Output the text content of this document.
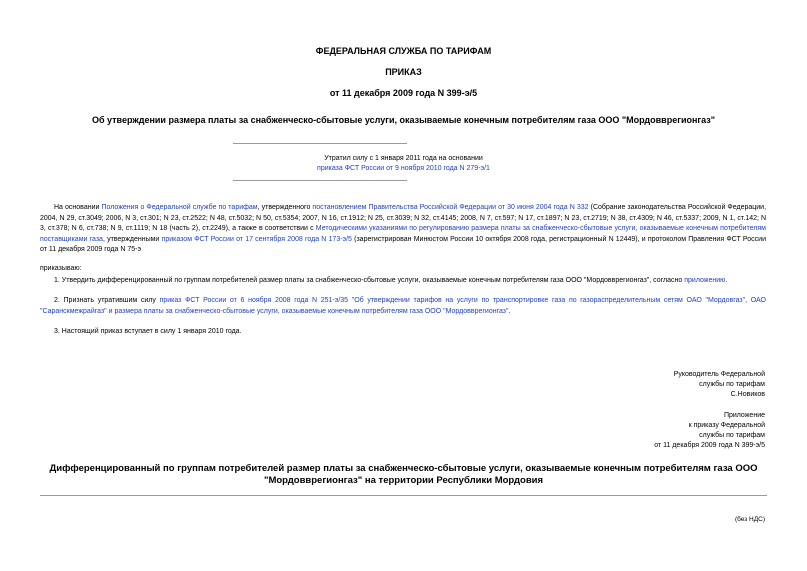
ФЕДЕРАЛЬНАЯ СЛУЖБА ПО ТАРИФАМ
ПРИКАЗ
от 11 декабря 2009 года N 399-э/5
Об утверждении размера платы за снабженческо-сбытовые услуги, оказываемые конечным потребителям газа ООО "Мордовврегионгаз"
Утратил силу с 1 января 2011 года на основании
приказа ФСТ России от 9 ноября 2010 года N 279-э/1
На основании Положения о Федеральной службе по тарифам, утвержденного постановлением Правительства Российской Федерации от 30 июня 2004 года N 332 (Собрание законодательства Российской Федерации, 2004, N 29, ст.3049; 2006, N 3, ст.301; N 23, ст.2522; N 48, ст.5032; N 50, ст.5354; 2007, N 16, ст.1912; N 25, ст.3039; N 32, ст.4145; 2008, N 7, ст.597; N 17, ст.1897; N 23, ст.2719; N 38, ст.4309; N 46, ст.5337; 2009, N 1, ст.142; N 3, ст.378; N 6, ст.738; N 9, ст.1119; N 18 (часть 2), ст.2249), а также в соответствии с Методическими указаниями по регулированию размера платы за снабженческо-сбытовые услуги, оказываемые конечным потребителям поставщиками газа, утвержденными приказом ФСТ России от 17 сентября 2008 года N 173-э/5 (зарегистрирован Минюстом России 10 октября 2008 года, регистрационный N 12449), и протоколом Правления ФСТ России от 11 декабря 2009 года N 75-э
приказываю:
1. Утвердить дифференцированный по группам потребителей размер платы за снабженческо-сбытовые услуги, оказываемые конечным потребителям газа ООО "Мордовврегионгаз", согласно приложению.
2. Признать утратившим силу приказ ФСТ России от 6 ноября 2008 года N 251-э/35 "Об утверждении тарифов на услуги по транспортировке газа по газораспределительным сетям ОАО "Мордовгаз", ОАО "Саранскмежрайгаз" и размера платы за снабженческо-сбытовые услуги, оказываемые конечным потребителям газа ООО "Мордовврегионгаз".
3. Настоящий приказ вступает в силу 1 января 2010 года.
Руководитель Федеральной
службы по тарифам
С.Новиков
Приложение
к приказу Федеральной
службы по тарифам
от 11 декабря 2009 года N 399-э/5
Дифференцированный по группам потребителей размер платы за снабженческо-сбытовые услуги, оказываемые конечным потребителям газа ООО
"Мордовврегионгаз" на территории Республики Мордовия
(без НДС)
